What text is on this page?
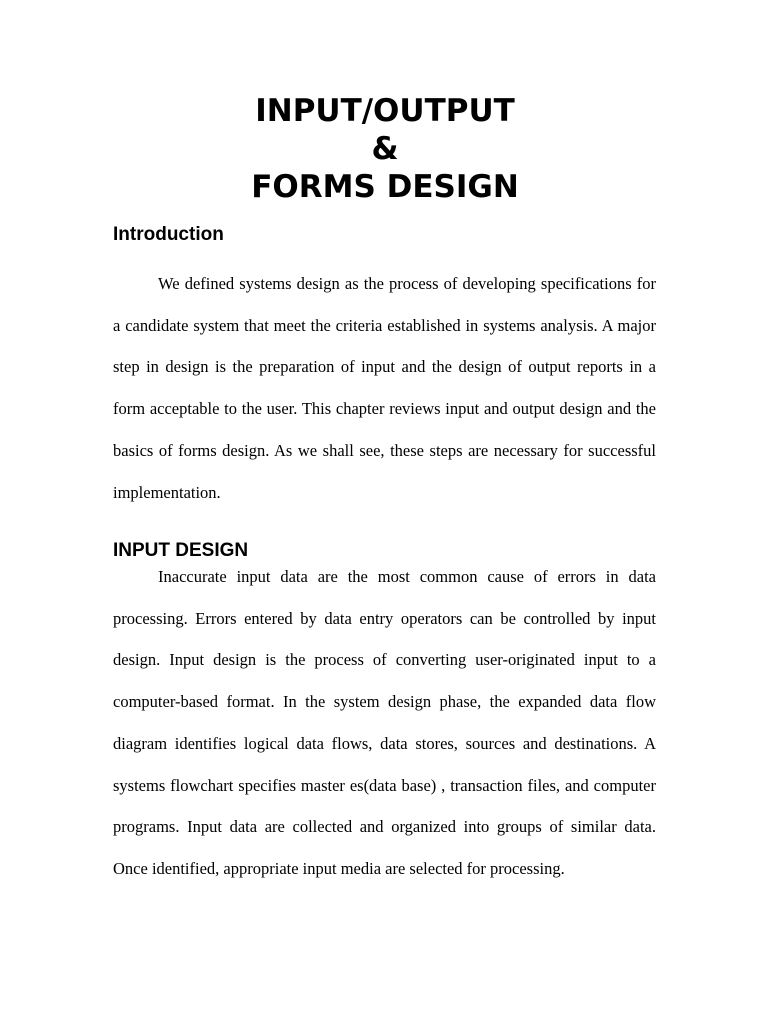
INPUT/OUTPUT
&
FORMS DESIGN
Introduction

We defined systems design as the process of developing specifications for a candidate system that meet the criteria established in systems analysis. A major step in design is the preparation of input and the design of output reports in a form acceptable to the user. This chapter reviews input and output design and the basics of forms design. As we shall see, these steps are necessary for successful implementation.

INPUT DESIGN

Inaccurate input data are the most common cause of errors in data processing. Errors entered by data entry operators can be controlled by input design. Input design is the process of converting user-originated input to a computer-based format. In the system design phase, the expanded data flow diagram identifies logical data flows, data stores, sources and destinations. A systems flowchart specifies master es(data base) , transaction files, and computer programs. Input data are collected and organized into groups of similar data. Once identified, appropriate input media are selected for processing.
